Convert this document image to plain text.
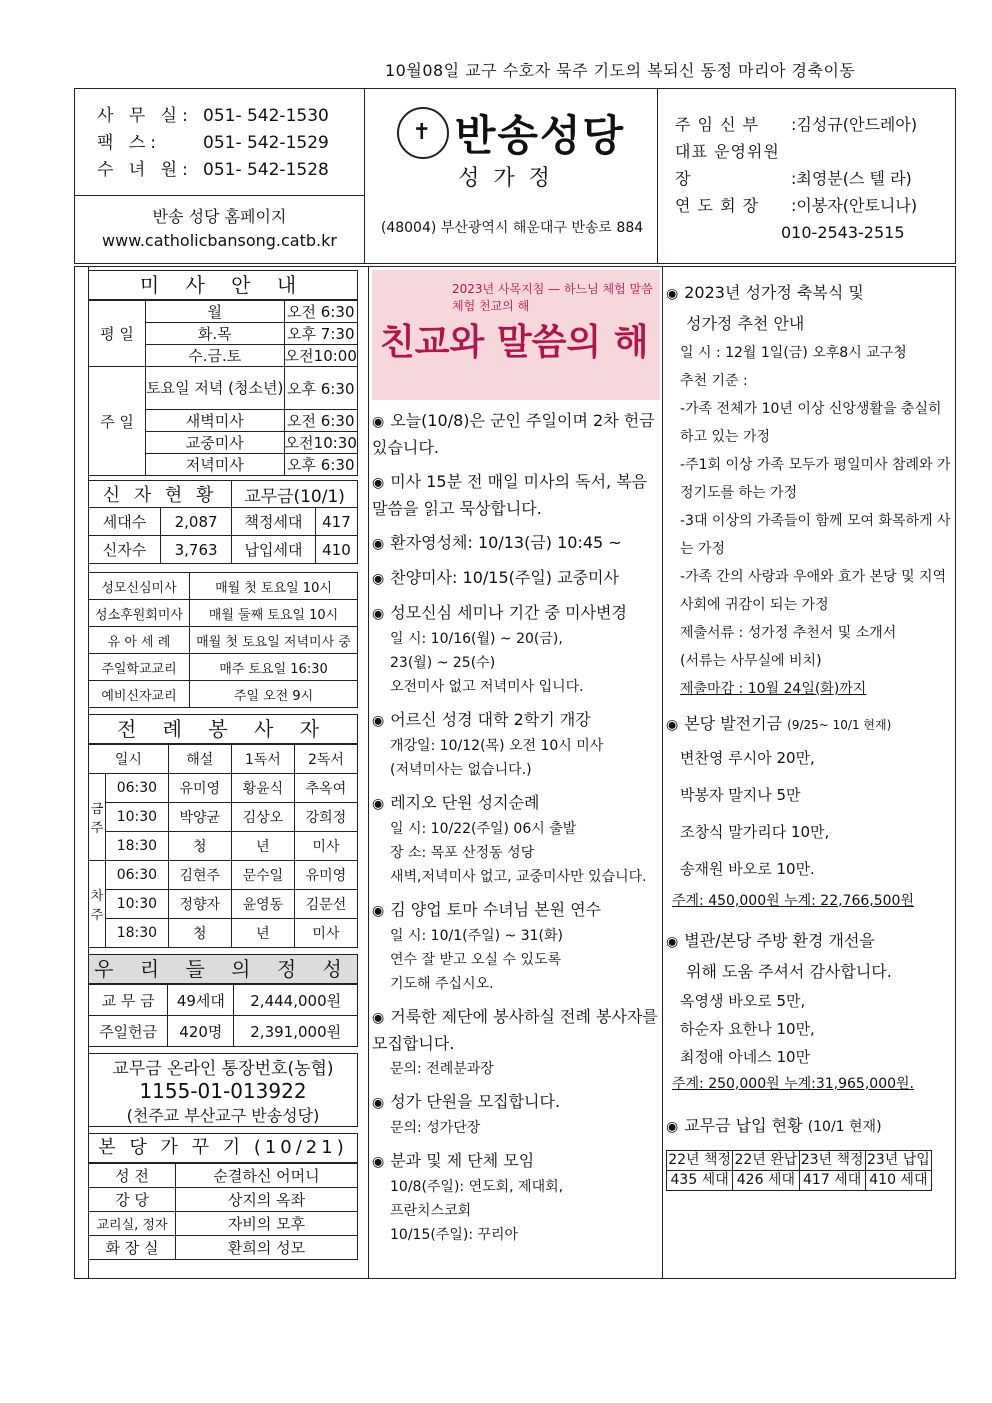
10월08일 교구 수호자 묵주 기도의 복되신 동정 마리아 경축이동
사 무 실: 051- 542-1530
팩 스:	051- 542-1529
수 녀 원: 051- 542-1528
반송 성당 홈페이지
www.catholicbansong.catb.kr
✝ 반송성당
성가정
(48004) 부산광역시 해운대구 반송로 884
주 임 신 부 :김성규(안드레아)
대표 운영위원장	:최영분(스 텔 라)
연 도 회 장 :이봉자(안토니나)
010-2543-2515
미 사 안 내
평 일	월	오전 6:30
	화.목	오후 7:30
	수.금.토	오전10:00
주 일	토요일 저녁 (청소년)	오후 6:30
	새벽미사	오전 6:30
	교중미사	오전10:30
	저녁미사	오후 6:30
신 자 현 황		교무금(10/1)	
세대수	2,087	책정세대	417
신자수	3,763	납입세대	410
성모신심미사	매월 첫 토요일 10시
성소후원회미사	매월 둘째 토요일 10시
유 아 세 례	매월 첫 토요일 저녁미사 중
주일학교교리	매주 토요일 16:30
예비신자교리	주일 오전 9시
전 례 봉 사 자
일시		해설	1독서	2독서
금주	06:30	유미영	황윤식	추옥여
	10:30	박양균	김상오	강희정
	18:30	청	년	미사
차주	06:30	김현주	문수일	유미영
	10:30	정향자	윤영동	김문선
	18:30	청	년	미사
우 리 들 의 정 성
교 무 금	49세대	2,444,000원
주일헌금	420명	2,391,000원
교무금 온라인 통장번호(농협)
1155-01-013922
(천주교 부산교구 반송성당)
본 당 가 꾸 기 (10/21)
성 전	순결하신 어머니
강 당	상지의 옥좌
교리실, 정자	자비의 모후
화 장 실	환희의 성모
2023년 사목지침 — 하느님 체험 말씀 체험 천교의 해
친교와 말씀의 해
◉ 오늘(10/8)은 군인 주일이며 2차 헌금 있습니다.
◉ 미사 15분 전 매일 미사의 독서, 복음 말씀을 읽고 묵상합니다.
◉ 환자영성체: 10/13(금) 10:45 ~
◉ 찬양미사: 10/15(주일) 교중미사
◉ 성모신심 세미나 기간 중 미사변경
일 시: 10/16(월) ~ 20(금),
23(월) ~ 25(수)
오전미사 없고 저녁미사 입니다.
◉ 어르신 성경 대학 2학기 개강
개강일: 10/12(목) 오전 10시 미사
(저녁미사는 없습니다.)
◉ 레지오 단원 성지순례
일 시: 10/22(주일) 06시 출발
장 소: 목포 산정동 성당
새벽,저녁미사 없고, 교중미사만 있습니다.
◉ 김 양업 토마 수녀님 본원 연수
일 시: 10/1(주일) ~ 31(화)
연수 잘 받고 오실 수 있도록
기도해 주십시오.
◉ 거룩한 제단에 봉사하실 전례 봉사자를 모집합니다.
문의: 전례분과장
◉ 성가 단원을 모집합니다.
문의: 성가단장
◉ 분과 및 제 단체 모임
10/8(주일): 연도회, 제대회,
프란치스코회
10/15(주일): 꾸리아
◉ 2023년 성가정 축복식 및
성가정 추천 안내
일 시 : 12월 1일(금) 오후8시 교구청
추천 기준 :
-가족 전체가 10년 이상 신앙생활을 충실히 하고 있는 가정
-주1회 이상 가족 모두가 평일미사 참례와 가정기도를 하는 가정
-3대 이상의 가족들이 함께 모여 화목하게 사는 가정
-가족 간의 사랑과 우애와 효가 본당 및 지역사회에 귀감이 되는 가정
제출서류 : 성가정 추천서 및 소개서
(서류는 사무실에 비치)
제출마감 : 10월 24일(화)까지
◉ 본당 발전기금 (9/25~ 10/1 현재)
변찬영 루시아 20만,
박봉자 말지나 5만
조창식 말가리다 10만,
송재원 바오로 10만.
주계: 450,000원 누계: 22,766,500원
◉ 별관/본당 주방 환경 개선을
위해 도움 주셔서 감사합니다.
옥영생 바오로 5만,
하순자 요한나 10만,
최정애 아네스 10만
주계: 250,000원 누계:31,965,000원.
◉ 교무금 납입 현황 (10/1 현재)
22년 책정	22년 완납	23년 책정	23년 납입
435 세대	426 세대	417 세대	410 세대
